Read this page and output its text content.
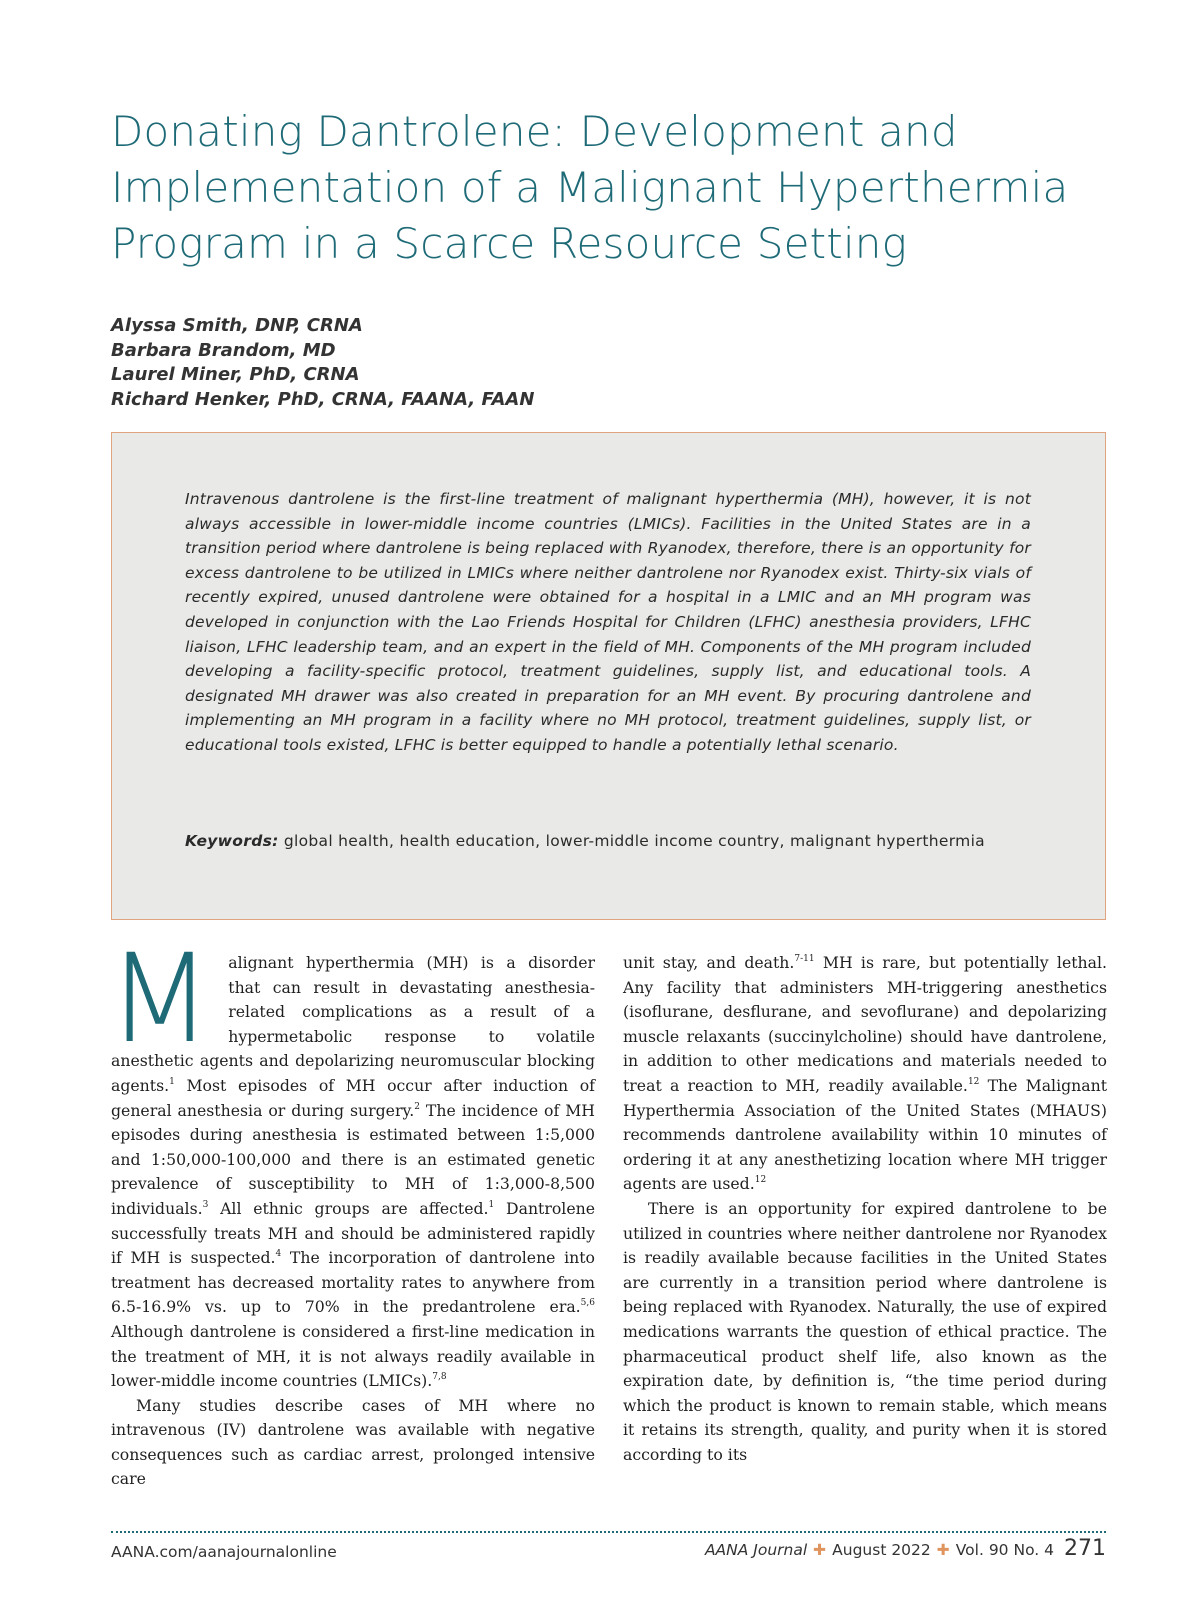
Donating Dantrolene: Development and
Implementation of a Malignant Hyperthermia
Program in a Scarce Resource Setting
Alyssa Smith, DNP, CRNA
Barbara Brandom, MD
Laurel Miner, PhD, CRNA
Richard Henker, PhD, CRNA, FAANA, FAAN

Intravenous dantrolene is the first-line treatment of malignant hyperthermia (MH), however, it is not always accessible in lower-middle income countries (LMICs). Facilities in the United States are in a transition period where dantrolene is being replaced with Ryanodex, therefore, there is an opportunity for excess dantrolene to be utilized in LMICs where neither dantrolene nor Ryanodex exist. Thirty-six vials of recently expired, unused dantrolene were obtained for a hospital in a LMIC and an MH program was developed in conjunction with the Lao Friends Hospital for Children (LFHC) anesthesia providers, LFHC liaison, LFHC leadership team, and an expert in the field of MH. Components of the MH program included developing a facility-specific protocol, treatment guidelines, supply list, and educational tools. A designated MH drawer was also created in preparation for an MH event. By procuring dantrolene and implementing an MH program in a facility where no MH protocol, treatment guidelines, supply list, or educational tools existed, LFHC is better equipped to handle a potentially lethal scenario.

Keywords: global health, health education, lower-middle income country, malignant hyperthermia

M alignant hyperthermia (MH) is a disorder that can result in devastating anesthesia-related complications as a result of a hypermetabolic response to volatile anesthetic agents and depolarizing neuromuscular blocking agents.$^1$ Most episodes of MH occur after induction of general anesthesia or during surgery.$^2$ The incidence of MH episodes during anesthesia is estimated between 1:5,000 and 1:50,000-100,000 and there is an estimated genetic prevalence of susceptibility to MH of 1:3,000-8,500 individuals.$^3$ All ethnic groups are affected.$^1$ Dantrolene successfully treats MH and should be administered rapidly if MH is suspected.$^4$ The incorporation of dantrolene into treatment has decreased mortality rates to anywhere from 6.5-16.9% vs. up to 70% in the predantrolene era.$^{5,6}$ Although dantrolene is considered a first-line medication in the treatment of MH, it is not always readily available in lower-middle income countries (LMICs).$^{7,8}$

Many studies describe cases of MH where no intravenous (IV) dantrolene was available with negative consequences such as cardiac arrest, prolonged intensive care

unit stay, and death.$^{7-11}$ MH is rare, but potentially lethal. Any facility that administers MH-triggering anesthetics (isoflurane, desflurane, and sevoflurane) and depolarizing muscle relaxants (succinylcholine) should have dantrolene, in addition to other medications and materials needed to treat a reaction to MH, readily available.$^{12}$ The Malignant Hyperthermia Association of the United States (MHAUS) recommends dantrolene availability within 10 minutes of ordering it at any anesthetizing location where MH trigger agents are used.$^{12}$

There is an opportunity for expired dantrolene to be utilized in countries where neither dantrolene nor Ryanodex is readily available because facilities in the United States are currently in a transition period where dantrolene is being replaced with Ryanodex. Naturally, the use of expired medications warrants the question of ethical practice. The pharmaceutical product shelf life, also known as the expiration date, by definition is, “the time period during which the product is known to remain stable, which means it retains its strength, quality, and purity when it is stored according to its

AANA.com/aanajournalonline	AANA Journal ✚ August 2022 ✚ Vol. 90 No. 4 271
